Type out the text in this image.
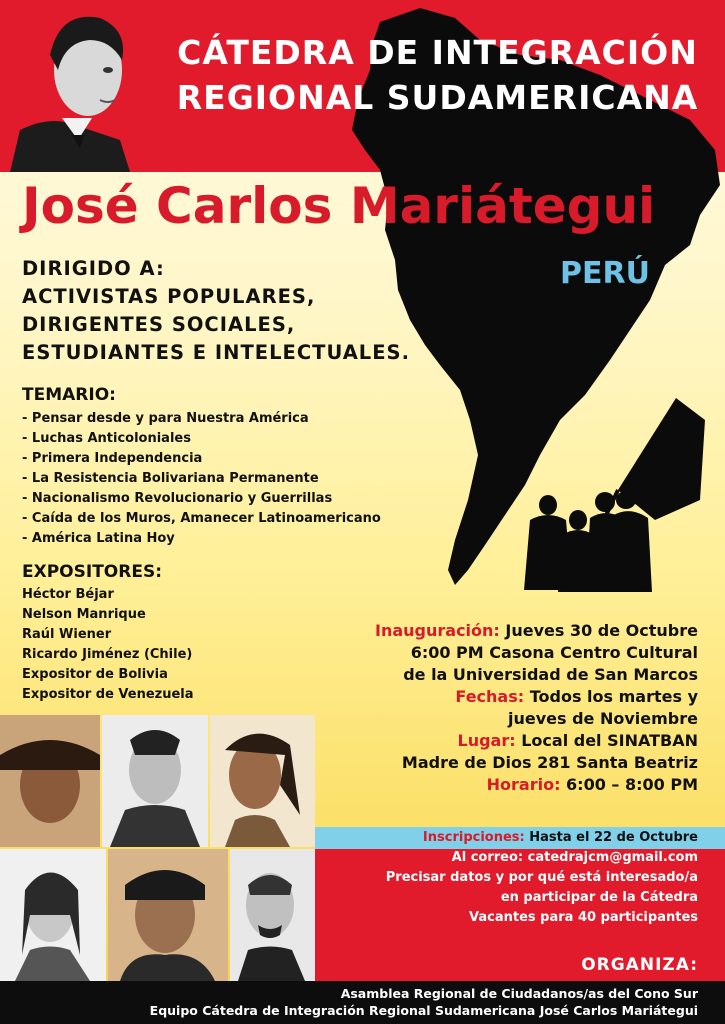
CÁTEDRA DE INTEGRACIÓN
REGIONAL SUDAMERICANA
José Carlos Mariátegui
PERÚ
DIRIGIDO A:
ACTIVISTAS POPULARES,
DIRIGENTES SOCIALES,
ESTUDIANTES E INTELECTUALES.
TEMARIO:
- Pensar desde y para Nuestra América
- Luchas Anticoloniales
- Primera Independencia
- La Resistencia Bolivariana Permanente
- Nacionalismo Revolucionario y Guerrillas
- Caída de los Muros, Amanecer Latinoamericano
- América Latina Hoy
EXPOSITORES:
Héctor Béjar
Nelson Manrique
Raúl Wiener
Ricardo Jiménez (Chile)
Expositor de Bolivia
Expositor de Venezuela
Inauguración: Jueves 30 de Octubre
6:00 PM Casona Centro Cultural
de la Universidad de San Marcos
Fechas: Todos los martes y
jueves de Noviembre
Lugar: Local del SINATBAN
Madre de Dios 281 Santa Beatriz
Horario: 6:00 – 8:00 PM
Inscripciones: Hasta el 22 de Octubre
Al correo: catedrajcm@gmail.com
Precisar datos y por qué está interesado/a
en participar de la Cátedra
Vacantes para 40 participantes
ORGANIZA:
Asamblea Regional de Ciudadanos/as del Cono Sur
Equipo Cátedra de Integración Regional Sudamericana José Carlos Mariátegui
